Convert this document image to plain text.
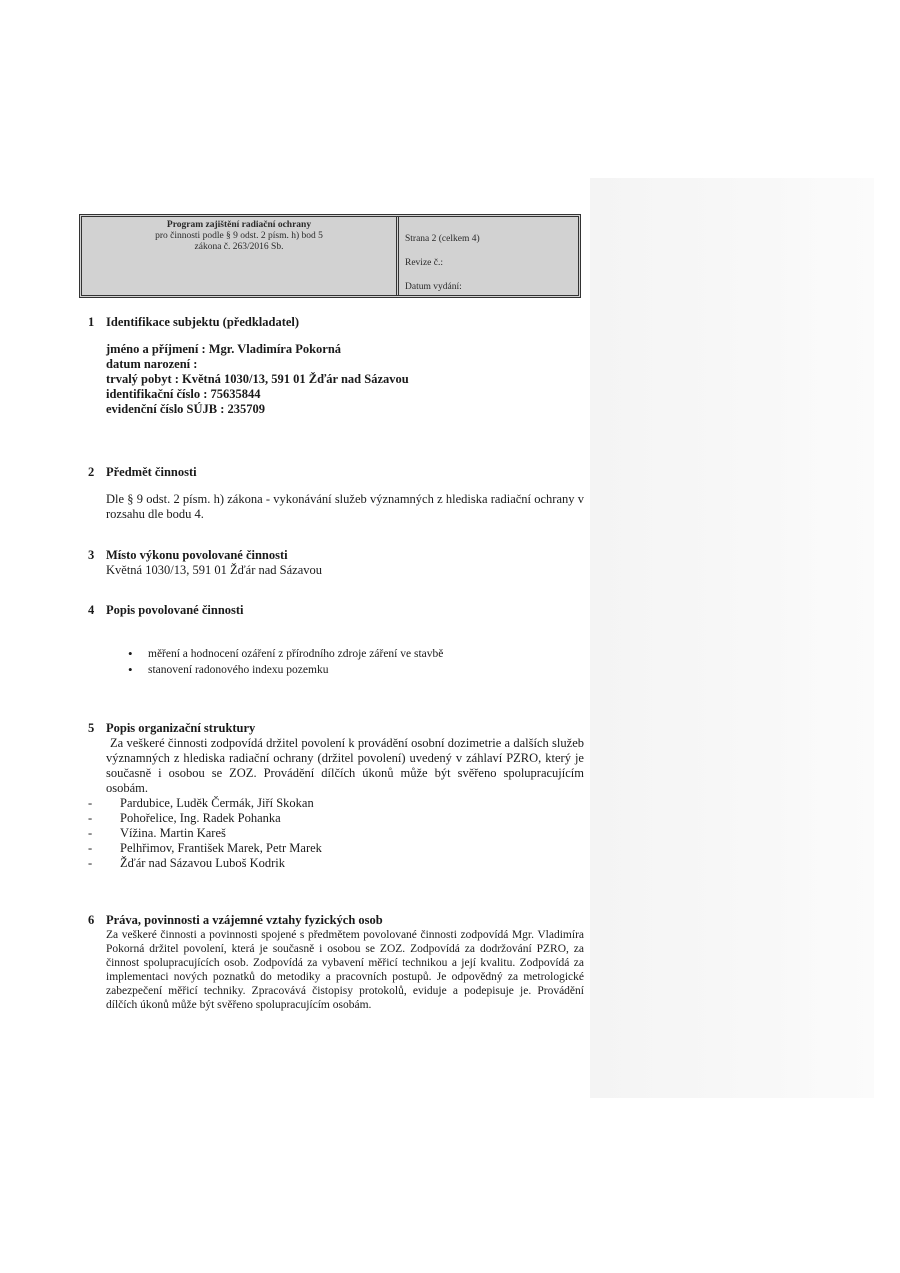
Program zajištění radiační ochrany
pro činnosti podle § 9 odst. 2 písm. h) bod 5
zákona č. 263/2016 Sb.
Strana 2 (celkem 4)
Revize č.:
Datum vydání:
1 Identifikace subjektu (předkladatel)
jméno a příjmení : Mgr. Vladimíra Pokorná
datum narození :
trvalý pobyt : Květná 1030/13, 591 01 Žďár nad Sázavou
identifikační číslo : 75635844
evidenční číslo SÚJB : 235709
2 Předmět činnosti
Dle § 9 odst. 2 písm. h) zákona - vykonávání služeb významných z hlediska radiační ochrany v rozsahu dle bodu 4.
3 Místo výkonu povolované činnosti
Květná 1030/13, 591 01 Žďár nad Sázavou
4 Popis povolované činnosti
• měření a hodnocení ozáření z přírodního zdroje záření ve stavbě
• stanovení radonového indexu pozemku
5 Popis organizační struktury
Za veškeré činnosti zodpovídá držitel povolení k provádění osobní dozimetrie a dalších služeb významných z hlediska radiační ochrany (držitel povolení) uvedený v záhlaví PZRO, který je současně i osobou se ZOZ. Provádění dílčích úkonů může být svěřeno spolupracujícím osobám.
- Pardubice, Luděk Čermák, Jiří Skokan
- Pohořelice, Ing. Radek Pohanka
- Vížina. Martin Kareš
- Pelhřimov, František Marek, Petr Marek
- Žďár nad Sázavou Luboš Kodrik
6 Práva, povinnosti a vzájemné vztahy fyzických osob
Za veškeré činnosti a povinnosti spojené s předmětem povolované činnosti zodpovídá Mgr. Vladimíra Pokorná držitel povolení, která je současně i osobou se ZOZ. Zodpovídá za dodržování PZRO, za činnost spolupracujících osob. Zodpovídá za vybavení měřicí technikou a její kvalitu. Zodpovídá za implementaci nových poznatků do metodiky a pracovních postupů. Je odpovědný za metrologické zabezpečení měřicí techniky. Zpracovává čistopisy protokolů, eviduje a podepisuje je. Provádění dílčích úkonů může být svěřeno spolupracujícím osobám.
